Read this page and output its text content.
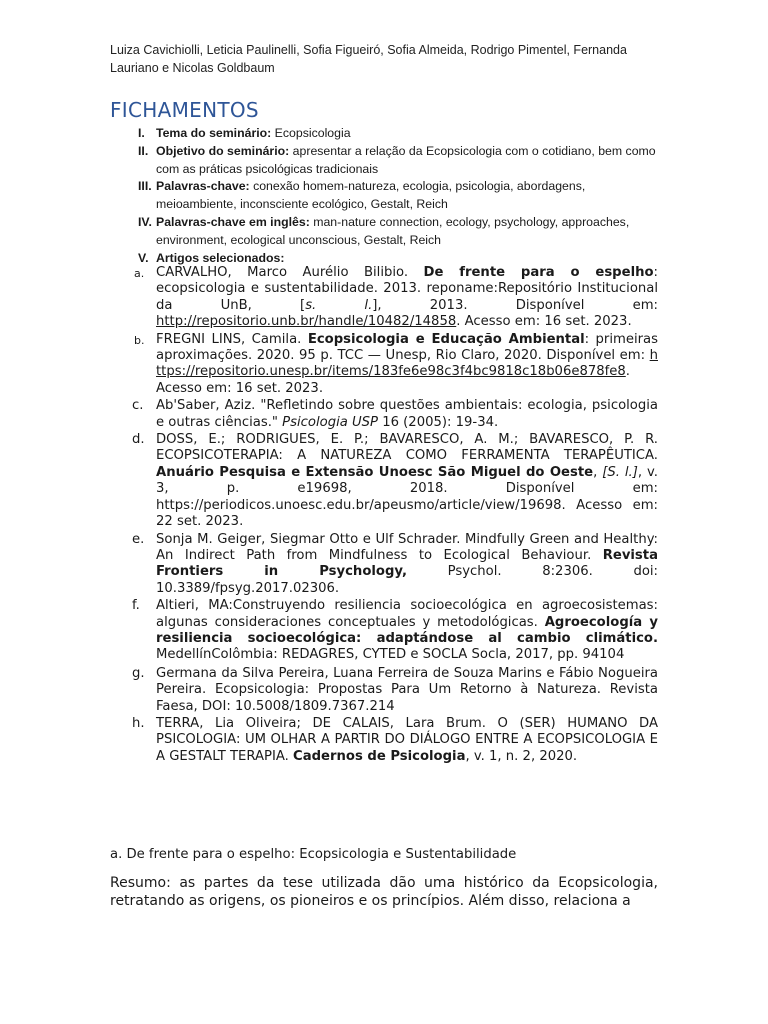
Luiza Cavichiolli, Leticia Paulinelli, Sofia Figueiró, Sofia Almeida, Rodrigo Pimentel, Fernanda Lauriano e Nicolas Goldbaum
FICHAMENTOS
I. Tema do seminário: Ecopsicologia
II. Objetivo do seminário: apresentar a relação da Ecopsicologia com o cotidiano, bem como com as práticas psicológicas tradicionais
III. Palavras-chave: conexão homem-natureza, ecologia, psicologia, abordagens, meioambiente, inconsciente ecológico, Gestalt, Reich
IV. Palavras-chave em inglês: man-nature connection, ecology, psychology, approaches, environment, ecological unconscious, Gestalt, Reich
V. Artigos selecionados:
a. CARVALHO, Marco Aurélio Bilibio. De frente para o espelho: ecopsicologia e sustentabilidade. 2013. reponame:Repositório Institucional da UnB, [s. l.], 2013. Disponível em: http://repositorio.unb.br/handle/10482/14858. Acesso em: 16 set. 2023.
b. FREGNI LINS, Camila. Ecopsicologia e Educação Ambiental: primeiras aproximações. 2020. 95 p. TCC — Unesp, Rio Claro, 2020. Disponível em: https://repositorio.unesp.br/items/183fe6e98c3f4bc9818c18b06e878fe8. Acesso em: 16 set. 2023.
c. Ab'Saber, Aziz. "Refletindo sobre questões ambientais: ecologia, psicologia e outras ciências." Psicologia USP 16 (2005): 19-34.
d. DOSS, E.; RODRIGUES, E. P.; BAVARESCO, A. M.; BAVARESCO, P. R. ECOPSICOTERAPIA: A NATUREZA COMO FERRAMENTA TERAPÊUTICA. Anuário Pesquisa e Extensão Unoesc São Miguel do Oeste, [S. l.], v. 3, p. e19698, 2018. Disponível em: https://periodicos.unoesc.edu.br/apeusmo/article/view/19698. Acesso em: 22 set. 2023.
e. Sonja M. Geiger, Siegmar Otto e Ulf Schrader. Mindfully Green and Healthy: An Indirect Path from Mindfulness to Ecological Behaviour. Revista Frontiers in Psychology, Psychol. 8:2306. doi: 10.3389/fpsyg.2017.02306.
f.	Altieri, MA:Construyendo resiliencia socioecológica en agroecosistemas: algunas consideraciones conceptuales y metodológicas. Agroecología y resiliencia socioecológica: adaptándose al cambio climático. MedellínColômbia: REDAGRES, CYTED e SOCLA Socla, 2017, pp. 94104
g. Germana da Silva Pereira, Luana Ferreira de Souza Marins e Fábio Nogueira Pereira. Ecopsicologia: Propostas Para Um Retorno à Natureza. Revista Faesa, DOI: 10.5008/1809.7367.214
h. TERRA, Lia Oliveira; DE CALAIS, Lara Brum. O (SER) HUMANO DA PSICOLOGIA: UM OLHAR A PARTIR DO DIÁLOGO ENTRE A ECOPSICOLOGIA E A GESTALT TERAPIA. Cadernos de Psicologia, v. 1, n. 2, 2020.
a. De frente para o espelho: Ecopsicologia e Sustentabilidade
Resumo: as partes da tese utilizada dão uma histórico da Ecopsicologia, retratando as origens, os pioneiros e os princípios. Além disso, relaciona a
